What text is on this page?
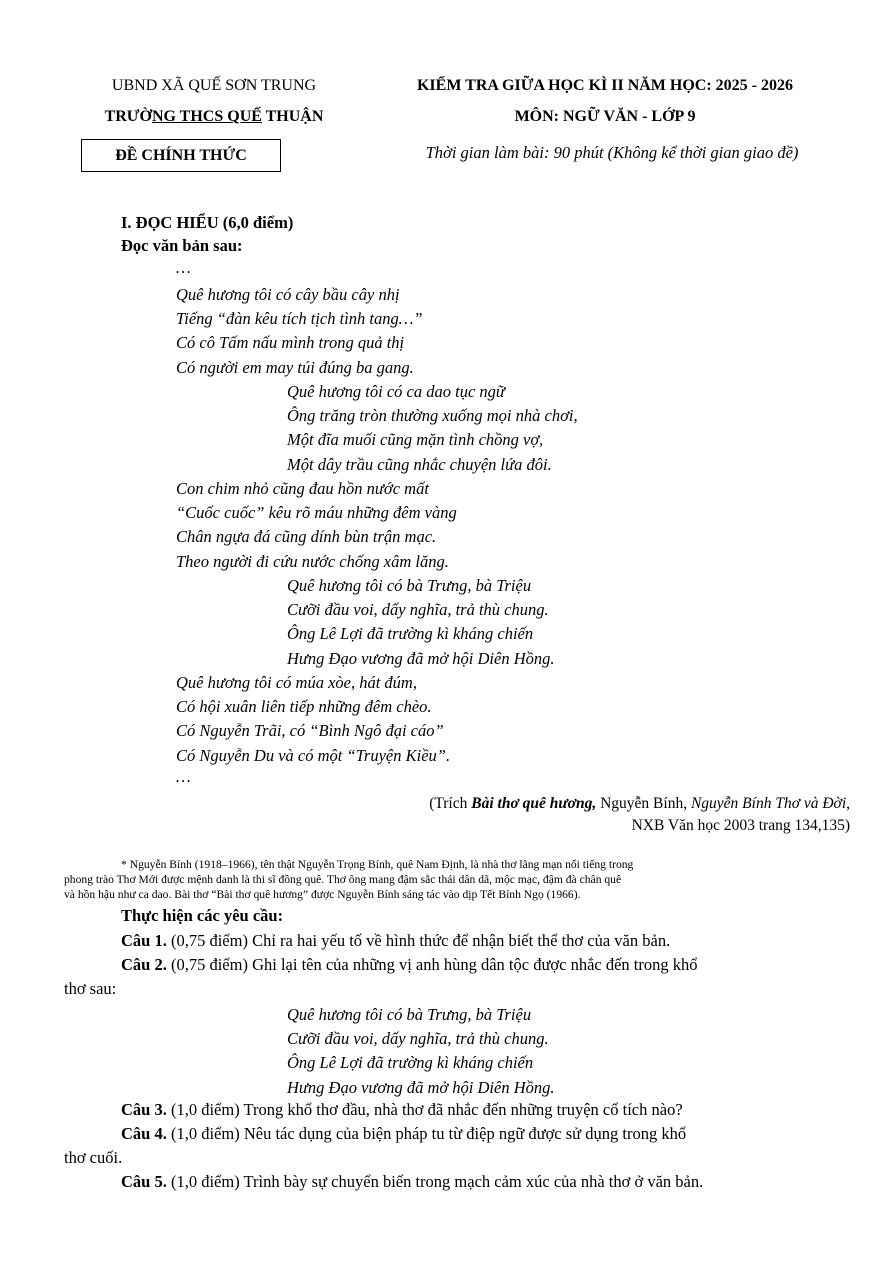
UBND XÃ QUẾ SƠN TRUNG
TRƯỜNG THCS QUẾ THUẬN
ĐỀ CHÍNH THỨC
KIỂM TRA GIỮA HỌC KÌ II NĂM HỌC: 2025 - 2026
MÔN: NGỮ VĂN - LỚP 9
Thời gian làm bài: 90 phút (Không kể thời gian giao đề)
I. ĐỌC HIỂU (6,0 điểm)
Đọc văn bản sau:
…
Quê hương tôi có cây bầu cây nhị
Tiếng “đàn kêu tích tịch tình tang…”
Có cô Tấm nấu mình trong quả thị
Có người em may túi đúng ba gang.
Quê hương tôi có ca dao tục ngữ
Ông trăng tròn thường xuống mọi nhà chơi,
Một đĩa muối cũng mặn tình chồng vợ,
Một dây trầu cũng nhắc chuyện lứa đôi.
Con chim nhỏ cũng đau hồn nước mất
“Cuốc cuốc” kêu rõ máu những đêm vàng
Chân ngựa đá cũng dính bùn trận mạc.
Theo người đi cứu nước chống xâm lăng.
Quê hương tôi có bà Trưng, bà Triệu
Cưỡi đầu voi, dấy nghĩa, trả thù chung.
Ông Lê Lợi đã trường kì kháng chiến
Hưng Đạo vương đã mở hội Diên Hồng.
Quê hương tôi có múa xòe, hát đúm,
Có hội xuân liên tiếp những đêm chèo.
Có Nguyễn Trãi, có “Bình Ngô đại cáo”
Có Nguyễn Du và có một “Truyện Kiều”.
…
(Trích Bài thơ quê hương, Nguyễn Bính, Nguyễn Bính Thơ và Đời,
NXB Văn học 2003 trang 134,135)
* Nguyễn Bính (1918–1966), tên thật Nguyễn Trọng Bính, quê Nam Định, là nhà thơ lãng mạn nổi tiếng trong
phong trào Thơ Mới được mệnh danh là thi sĩ đồng quê. Thơ ông mang đậm sắc thái dân dã, mộc mạc, đậm đà chân quê
và hồn hậu như ca dao. Bài thơ “Bài thơ quê hương” được Nguyễn Bính sáng tác vào dịp Tết Bính Ngọ (1966).
Thực hiện các yêu cầu:
Câu 1. (0,75 điểm) Chỉ ra hai yếu tố về hình thức để nhận biết thể thơ của văn bản.
Câu 2. (0,75 điểm) Ghi lại tên của những vị anh hùng dân tộc được nhắc đến trong khổ
thơ sau:
Quê hương tôi có bà Trưng, bà Triệu
Cưỡi đầu voi, dấy nghĩa, trả thù chung.
Ông Lê Lợi đã trường kì kháng chiến
Hưng Đạo vương đã mở hội Diên Hồng.
Câu 3. (1,0 điểm) Trong khổ thơ đầu, nhà thơ đã nhắc đến những truyện cổ tích nào?
Câu 4. (1,0 điểm) Nêu tác dụng của biện pháp tu từ điệp ngữ được sử dụng trong khổ
thơ cuối.
Câu 5. (1,0 điểm) Trình bày sự chuyển biến trong mạch cảm xúc của nhà thơ ở văn bản.
